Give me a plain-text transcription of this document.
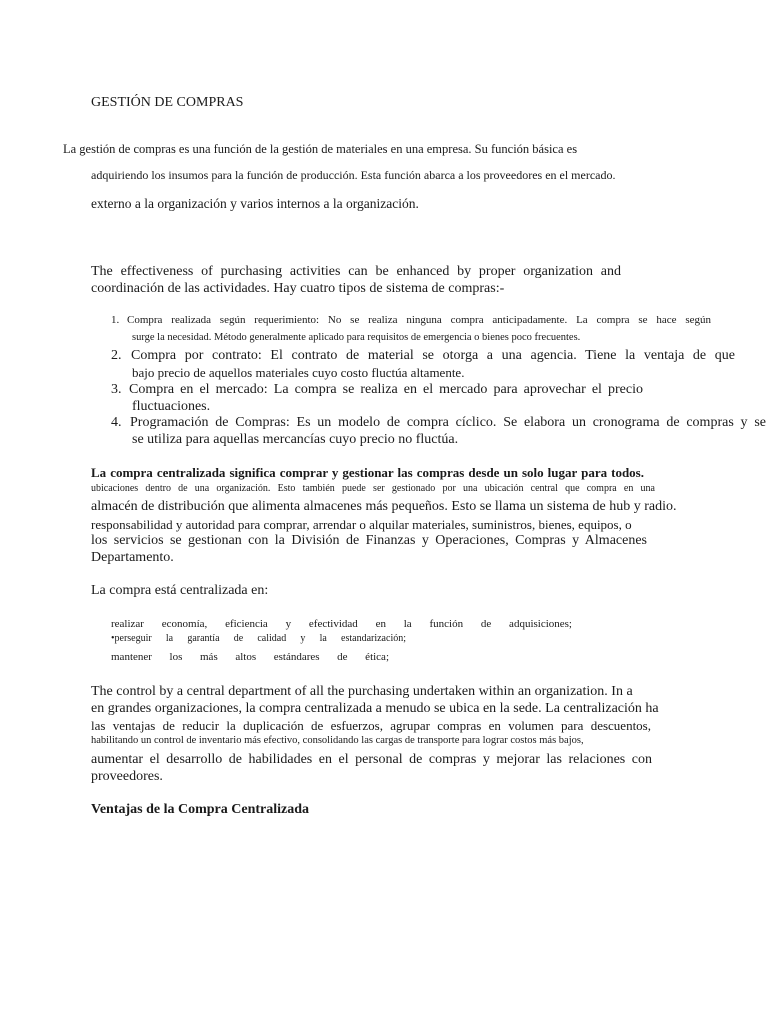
GESTIÓN DE COMPRAS
La gestión de compras es una función de la gestión de materiales en una empresa. Su función básica es
adquiriendo los insumos para la función de producción. Esta función abarca a los proveedores en el mercado.
externo a la organización y varios internos a la organización.
The effectiveness of purchasing activities can be enhanced by proper organization and
coordinación de las actividades. Hay cuatro tipos de sistema de compras:-
1. Compra realizada según requerimiento: No se realiza ninguna compra anticipadamente. La compra se hace según
surge la necesidad. Método generalmente aplicado para requisitos de emergencia o bienes poco frecuentes.
2. Compra por contrato: El contrato de material se otorga a una agencia. Tiene la ventaja de que
bajo precio de aquellos materiales cuyo costo fluctúa altamente.
3. Compra en el mercado: La compra se realiza en el mercado para aprovechar el precio
fluctuaciones.
4. Programación de Compras: Es un modelo de compra cíclico. Se elabora un cronograma de compras y se
se utiliza para aquellas mercancías cuyo precio no fluctúa.
La compra centralizada significa comprar y gestionar las compras desde un solo lugar para todos.
ubicaciones dentro de una organización. Esto también puede ser gestionado por una ubicación central que compra en una
almacén de distribución que alimenta almacenes más pequeños. Esto se llama un sistema de hub y radio.
responsabilidad y autoridad para comprar, arrendar o alquilar materiales, suministros, bienes, equipos, o
los servicios se gestionan con la División de Finanzas y Operaciones, Compras y Almacenes
Departamento.
La compra está centralizada en:
realizar economía, eficiencia y efectividad en la función de adquisiciones;
•perseguir la garantía de calidad y la estandarización;
mantener los más altos estándares de ética;
The control by a central department of all the purchasing undertaken within an organization. In a
en grandes organizaciones, la compra centralizada a menudo se ubica en la sede. La centralización ha
las ventajas de reducir la duplicación de esfuerzos, agrupar compras en volumen para descuentos,
habilitando un control de inventario más efectivo, consolidando las cargas de transporte para lograr costos más bajos,
aumentar el desarrollo de habilidades en el personal de compras y mejorar las relaciones con
proveedores.
Ventajas de la Compra Centralizada
